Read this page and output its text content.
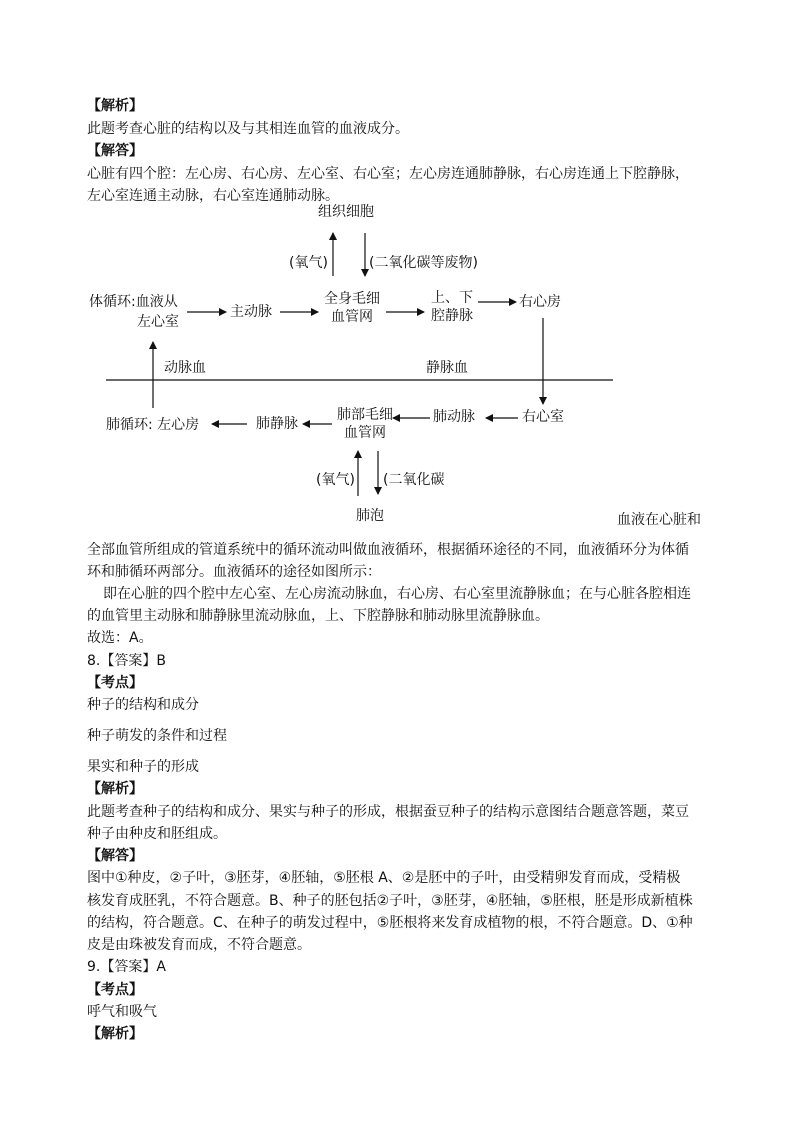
【解析】
此题考查心脏的结构以及与其相连血管的血液成分。
【解答】
心脏有四个腔：左心房、右心房、左心室、右心室；左心房连通肺静脉，右心房连通上下腔静脉，
左心室连通主动脉，右心室连通肺动脉。
组织细胞
(氧气)	(二氧化碳等废物)
体循环:血液从
左心室
主动脉
全身毛细
血管网
上、下
腔静脉
右心房
动脉血	静脉血
肺循环: 左心房	肺静脉
肺部毛细
血管网
肺动脉	右心室
(氧气) (二氧化碳
肺泡	血液在心脏和
全部血管所组成的管道系统中的循环流动叫做血液循环，根据循环途径的不同，血液循环分为体循
环和肺循环两部分。血液循环的途径如图所示：
即在心脏的四个腔中左心室、左心房流动脉血，右心房、右心室里流静脉血；在与心脏各腔相连
的血管里主动脉和肺静脉里流动脉血，上、下腔静脉和肺动脉里流静脉血。
故选：A。
8.【答案】B
【考点】
种子的结构和成分
种子萌发的条件和过程
果实和种子的形成
【解析】
此题考查种子的结构和成分、果实与种子的形成，根据蚕豆种子的结构示意图结合题意答题，菜豆
种子由种皮和胚组成。
【解答】
图中①种皮，②子叶，③胚芽，④胚轴，⑤胚根 A、②是胚中的子叶，由受精卵发育而成，受精极
核发育成胚乳，不符合题意。B、种子的胚包括②子叶，③胚芽，④胚轴，⑤胚根，胚是形成新植株
的结构，符合题意。C、在种子的萌发过程中，⑤胚根将来发育成植物的根，不符合题意。D、①种
皮是由珠被发育而成，不符合题意。
9.【答案】A
【考点】
呼气和吸气
【解析】
